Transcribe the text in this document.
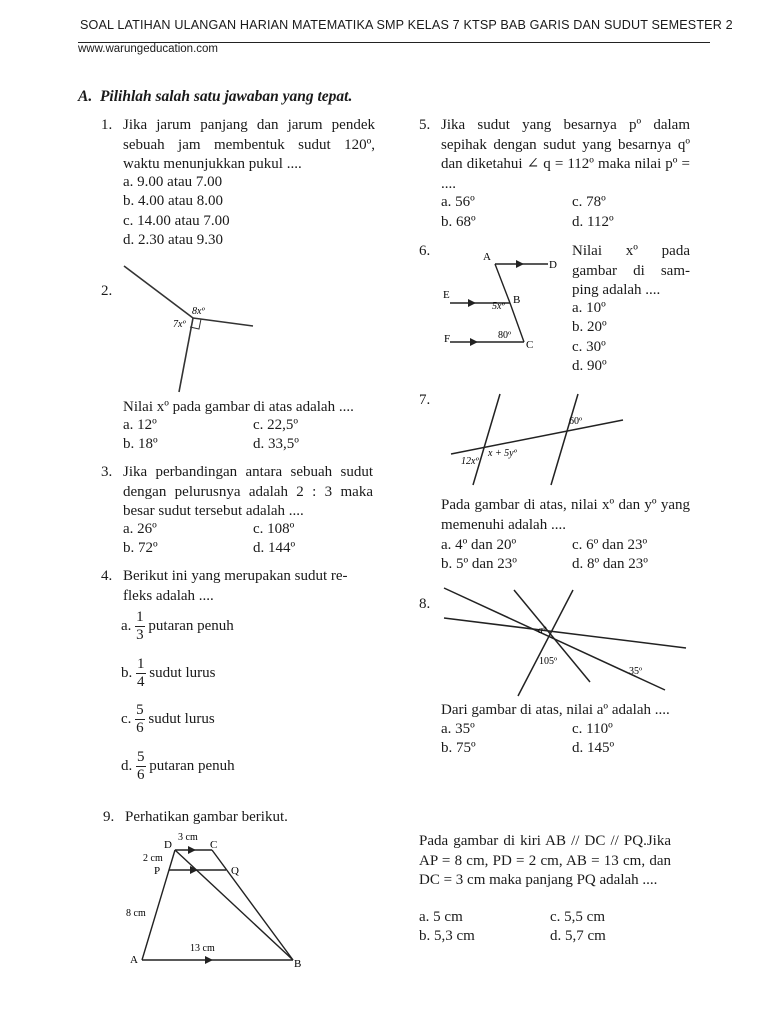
SOAL LATIHAN ULANGAN HARIAN MATEMATIKA SMP KELAS 7 KTSP BAB GARIS DAN SUDUT SEMESTER 2
www.warungeducation.com
A. Pilihlah salah satu jawaban yang tepat.
1. Jika jarum panjang dan jarum pendek sebuah jam membentuk sudut 120º, waktu menunjukkan pukul ....
a. 9.00 atau 7.00
b. 4.00 atau 8.00
c. 14.00 atau 7.00
d. 2.30 atau 9.30
2.
8xº
7xº
Nilai xº pada gambar di atas adalah ....
a. 12º	c. 22,5º
b. 18º	d. 33,5º
3. Jika perbandingan antara sebuah sudut dengan pelurusnya adalah 2 : 3 maka besar sudut tersebut adalah ....
a. 26º	c. 108º
b. 72º	d. 144º
4. Berikut ini yang merupakan sudut re-fleks adalah ....
a. $\frac{1}{3}$ putaran penuh
b. $\frac{1}{4}$ sudut lurus
c. $\frac{5}{6}$ sudut lurus
d. $\frac{5}{6}$ putaran penuh
5. Jika sudut yang besarnya pº dalam sepihak dengan sudut yang besarnya qº dan diketahui ∠ q = 112º maka nilai pº = ....
a. 56º	c. 78º
b. 68º	d. 112º
6.	A
D
E	B
5xº
80º
F	C
Nilai xº pada gambar di sam-ping adalah ....
a. 10º
b. 20º
c. 30º
d. 90º
7.
60º
12xº
x + 5yº
Pada gambar di atas, nilai xº dan yº yang memenuhi adalah ....
a. 4º dan 20º	c. 6º dan 23º
b. 5º dan 23º	d. 8º dan 23º
8.
aº
105º
35º
Dari gambar di atas, nilai aº adalah ....
a. 35º	c. 110º
b. 75º	d. 145º
9. Perhatikan gambar berikut.
D	C
3 cm
2 cm
P	Q
8 cm
13 cm
A	B
Pada gambar di kiri AB // DC // PQ.Jika AP = 8 cm, PD = 2 cm, AB = 13 cm, dan DC = 3 cm maka panjang PQ adalah ....
a. 5 cm	c. 5,5 cm
b. 5,3 cm	d. 5,7 cm
